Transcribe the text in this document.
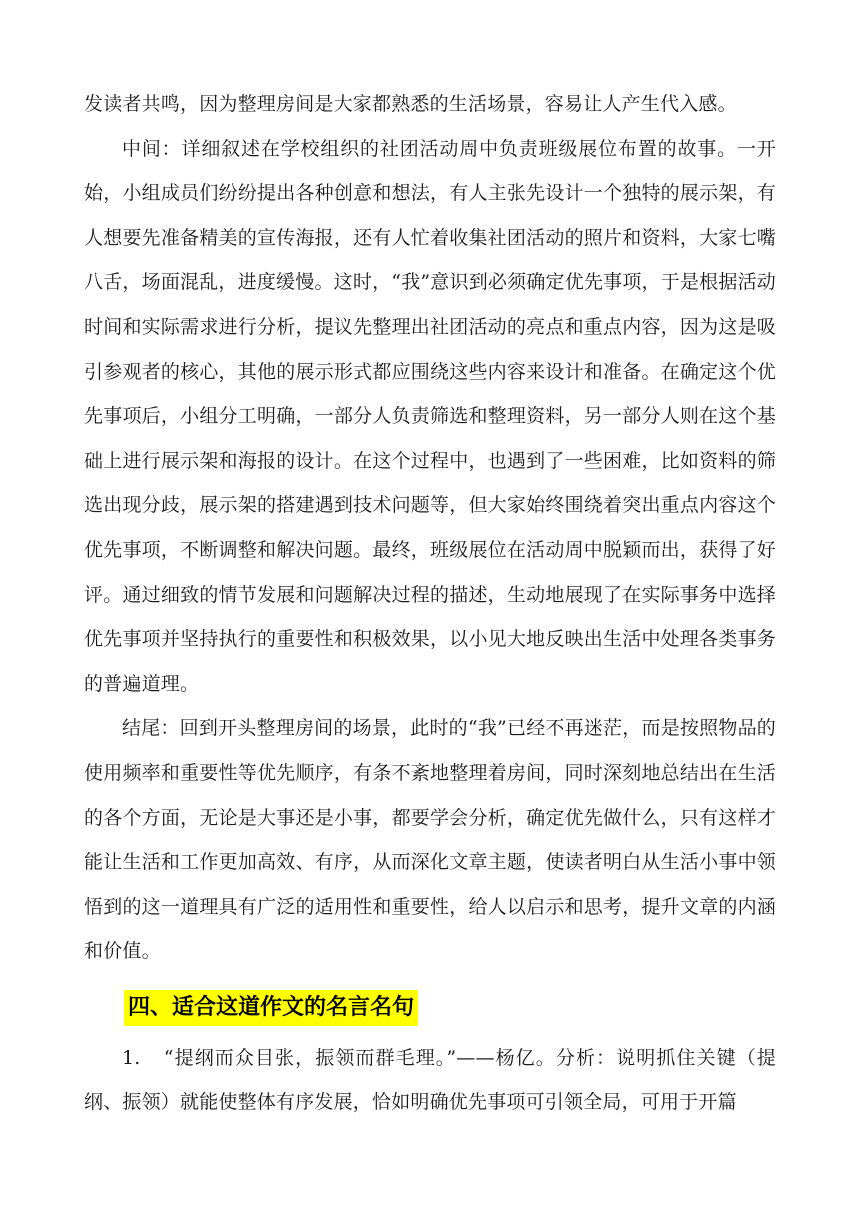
发读者共鸣，因为整理房间是大家都熟悉的生活场景，容易让人产生代入感。

中间：详细叙述在学校组织的社团活动周中负责班级展位布置的故事。一开始，小组成员们纷纷提出各种创意和想法，有人主张先设计一个独特的展示架，有人想要先准备精美的宣传海报，还有人忙着收集社团活动的照片和资料，大家七嘴八舌，场面混乱，进度缓慢。这时，“我”意识到必须确定优先事项，于是根据活动时间和实际需求进行分析，提议先整理出社团活动的亮点和重点内容，因为这是吸引参观者的核心，其他的展示形式都应围绕这些内容来设计和准备。在确定这个优先事项后，小组分工明确，一部分人负责筛选和整理资料，另一部分人则在这个基础上进行展示架和海报的设计。在这个过程中，也遇到了一些困难，比如资料的筛选出现分歧，展示架的搭建遇到技术问题等，但大家始终围绕着突出重点内容这个优先事项，不断调整和解决问题。最终，班级展位在活动周中脱颖而出，获得了好评。通过细致的情节发展和问题解决过程的描述，生动地展现了在实际事务中选择优先事项并坚持执行的重要性和积极效果，以小见大地反映出生活中处理各类事务的普遍道理。

结尾：回到开头整理房间的场景，此时的“我”已经不再迷茫，而是按照物品的使用频率和重要性等优先顺序，有条不紊地整理着房间，同时深刻地总结出在生活的各个方面，无论是大事还是小事，都要学会分析，确定优先做什么，只有这样才能让生活和工作更加高效、有序，从而深化文章主题，使读者明白从生活小事中领悟到的这一道理具有广泛的适用性和重要性，给人以启示和思考，提升文章的内涵和价值。

四、适合这道作文的名言名句

1. “提纲而众目张，振领而群毛理。”——杨亿。分析：说明抓住关键（提纲、振领）就能使整体有序发展，恰如明确优先事项可引领全局，可用于开篇
